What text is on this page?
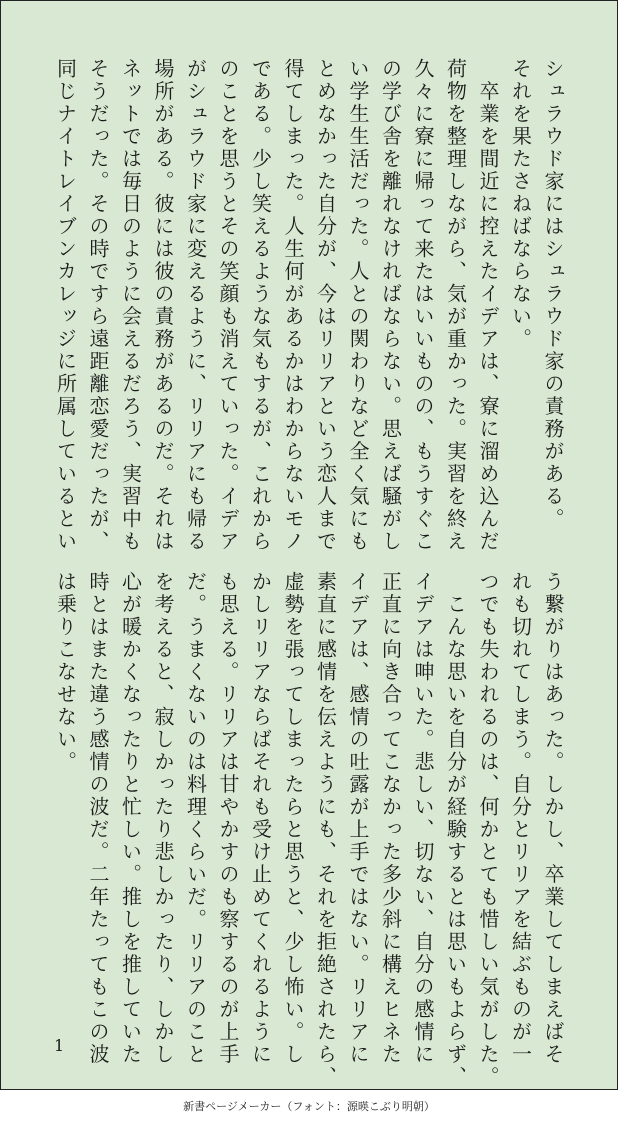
シュラウド家にはシュラウド家の責務がある。
それを果たさねばならない。
　卒業を間近に控えたイデアは、寮に溜め込んだ
荷物を整理しながら、気が重かった。実習を終え
久々に寮に帰って来たはいいものの、もうすぐこ
の学び舎を離れなければならない。思えば騒がし
い学生生活だった。人との関わりなど全く気にも
とめなかった自分が、今はリリアという恋人まで
得てしまった。人生何があるかはわからないモノ
である。少し笑えるような気もするが、これから
のことを思うとその笑顔も消えていった。イデア
がシュラウド家に変えるように、リリアにも帰る
場所がある。彼には彼の責務があるのだ。それは
ネットでは毎日のように会えるだろう、実習中も
そうだった。その時ですら遠距離恋愛だったが、
同じナイトレイブンカレッジに所属しているとい
う繋がりはあった。しかし、卒業してしまえばそ
れも切れてしまう。自分とリリアを結ぶものが一
つでも失われるのは、何かとても惜しい気がした。
　こんな思いを自分が経験するとは思いもよらず、
イデアは呻いた。悲しい、切ない、自分の感情に
正直に向き合ってこなかった多少斜に構えヒネた
イデアは、感情の吐露が上手ではない。リリアに
素直に感情を伝えようにも、それを拒絶されたら、
虚勢を張ってしまったらと思うと、少し怖い。し
かしリリアならばそれも受け止めてくれるように
も思える。リリアは甘やかすのも察するのが上手
だ。うまくないのは料理くらいだ。リリアのこと
を考えると、寂しかったり悲しかったり、しかし
心が暖かくなったりと忙しい。推しを推していた
時とはまた違う感情の波だ。二年たってもこの波
は乗りこなせない。
1
新書ページメーカー（フォント：源暎こぶり明朝）
